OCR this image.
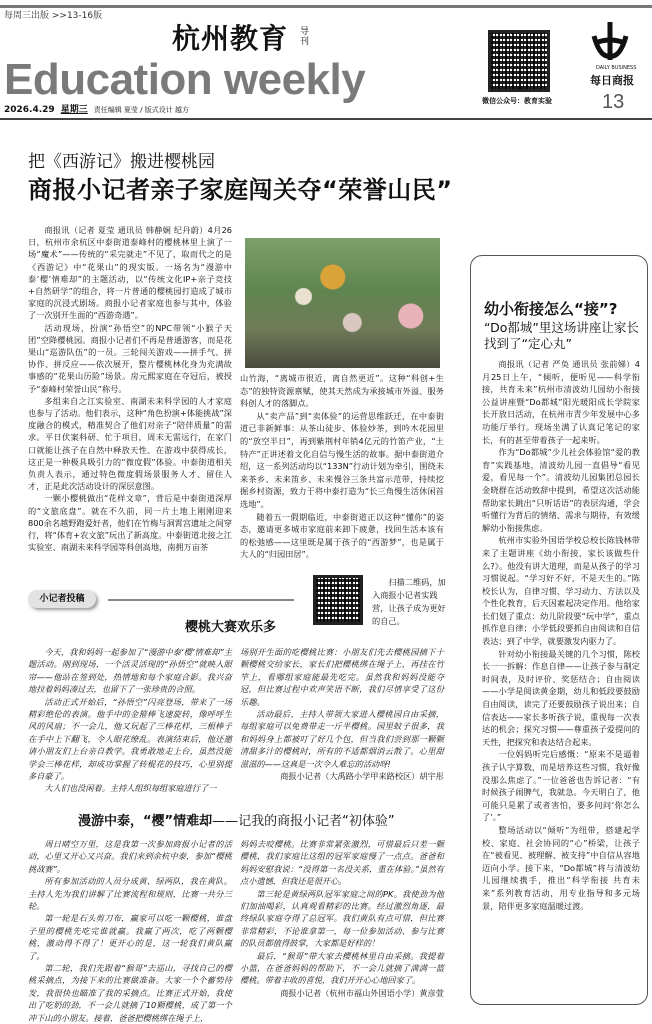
每周三出版 >>13-16版
杭州教育 导刊
Education weekly
2026.4.29 星期三 责任编辑 夏莹 / 版式设计 越方
微信公众号：教育实验
DAILY BUSINESS
每日商报
13
把《西游记》搬进樱桃园
商报小记者亲子家庭闯关夺“荣誉山民”

商报讯（记者 夏莹 通讯员 韩静娴 纪丹蔚）4月26日，杭州市余杭区中泰街道泰峰村的樱桃林里上演了一场“魔术”——传统的“采完就走”不见了，取而代之的是《西游记》中“花果山”的现实版。一场名为“漫游中泰‘樱’情难却”的主题活动，以“传统文化IP+亲子竞技+自然研学”的组合，将一片普通的樱桃园打造成了城市家庭的沉浸式剧场。商报小记者家庭也参与其中，体验了一次别开生面的“西游奇遇”。

活动现场，扮演“孙悟空”的NPC带领“小猴子天团”空降樱桃园。商报小记者们不再是普通游客，而是花果山“巡游队伍”的一员。三轮闯关游戏——拼手气、拼协作、拼反应——依次展开，整片樱桃林化身为充满故事感的“花果山历险”场景。房元熙家庭在夺冠后，被授予“泰峰村荣誉山民”称号。

多组来自之江实验室、南湖未来科学园的人才家庭也参与了活动。他们表示，这种“角色扮演+体能挑战”深度融合的模式，精准契合了他们对亲子“陪伴质量”的需求。平日伏案科研、忙于项目，周末无需远行，在家门口就能让孩子在自然中释放天性、在游戏中获得成长，这正是一种极具吸引力的“微度假”体验。中泰街道相关负责人表示，通过特色微度假场景服务人才、留住人才，正是此次活动设计的深层意图。

一颗小樱桃做出“花样文章”，背后是中泰街道深厚的“文旅底盘”。就在不久前，同一片土地上刚刚迎来800余名越野跑爱好者，他们在竹梅与洞霄宫遗址之间穿行，将“体育+农文旅”玩出了新高度。中泰街道北接之江实验室、南湖未来科学园等科创高地，南拥万亩茶

山竹海，“离城市很近，离自然更近”。这种“科创+生态”的独特资源禀赋，使其天然成为承接城市外溢、服务科创人才的落脚点。

从“卖产品”到“卖体验”的运营思维跃迁，在中泰街道已非新鲜事：从茶山徒步、体验炒茶，到吟木花园里的“放空半日”，再到紫荆村年销4亿元的竹笛产业，“土特产”正讲述着文化自信与慢生活的故事。据中泰街道介绍，这一系列活动均以“133N”行动计划为牵引，围绕未来茶乡、未来笛乡、未来慢谷三条共富示范带，持续挖掘乡村资源，致力于将中泰打造为“长三角慢生活休闲首选地”。

随着五一假期临近，中泰街道正以这种“懂你”的姿态，邀请更多城市家庭前来卸下疲惫，找回生活本该有的松弛感——这里既是属于孩子的“西游梦”，也是属于大人的“归园田居”。

幼小衔接怎么“接”?
“Do都城”里这场讲座让家长找到了“定心丸”

商报讯（记者 严奂 通讯员 张前娣）4月25日上午，“倾听，便听见——科学衔接，共育未来”杭州市清波幼儿园幼小衔接公益讲座暨“Do都城”阳光暖阳成长学院家长开放日活动，在杭州市青少年发展中心多功能厅举行。现场坐满了认真记笔记的家长，有的甚至带着孩子一起来听。

作为“Do都城”少儿社会体验馆“爱的教育”实践基地，清波幼儿园一直倡导“看见爱，看见每一个”。清波幼儿园集团总园长金晓群在活动致辞中提到，希望这次活动能帮助家长跳出“只听话语”的表层沟通，学会听懂行为背后的情绪、需求与期待，有效缓解幼小衔接焦虑。

杭州市实验外国语学校总校长陈钱林带来了主题讲座《幼小衔接，家长该做些什么?》。他没有讲大道理，而是从孩子的学习习惯说起。“学习好不好，不是天生的。”陈校长认为，自律习惯、学习动力、方法以及个性化教育，后天因素起决定作用。他给家长们划了重点：幼儿阶段要“玩中学”，重点抓作息自律；小学低段要抓自由阅读和自信表达；到了中学，就要激发内驱力了。

针对幼小衔接最关键的几个习惯，陈校长一一拆解：作息自律——让孩子参与制定时间表，及时评价、奖惩结合；自由阅读——小学是阅读黄金期，幼儿和低段要鼓励自由阅读，读完了还要鼓励孩子说出来；自信表达——家长多听孩子说，重视每一次表达的机会；探究习惯——尊重孩子爱提问的天性，把探究和表达结合起来。

一位妈妈听完后感慨：“原来不是逼着孩子认字算数，而是培养这些习惯，我好像没那么焦虑了。”一位爸爸也告诉记者：“有时候孩子闹脾气，我就急。今天明白了，他可能只是累了或者害怕，要多问问‘你怎么了’。”

整场活动以“倾听”为纽带，搭建起学校、家庭、社会协同的“心”桥梁，让孩子在“被看见、被理解、被支持”中自信从容地迈向小学。接下来，“Do都城”将与清波幼儿园继续携手，推出“科学衔接 共育未来”系列教育活动，用专业指导和多元场景，陪伴更多家庭温暖过渡。

小记者投稿
扫描二维码，加入商报小记者实践营，让孩子成为更好的自己。
樱桃大赛欢乐多

今天，我和妈妈一起参加了“漫游中泰‘樱’情难却”主题活动。刚到现场，一个活灵活现的“孙悟空”就映入眼帘——他站在签到处，热情地和每个家庭合影。我兴奋地拉着妈妈凑过去，也留下了一张珍贵的合照。

活动正式开始后，“孙悟空”闪亮登场，带来了一场精彩绝伦的表演。他手中的金箍棒飞速旋转，像呼呼生风的风扇；不一会儿，他又玩起了三棒花样，三根棒子在手中上下翻飞，令人眼花缭乱。表演结束后，他还邀请小朋友们上台亲自教学。我勇敢地走上台，虽然没能学会三棒花样，却成功掌握了转棍花的技巧，心里别提多自豪了。

大人们也没闲着。主持人组织每组家庭进行了一

场别开生面的吃樱桃比赛：小朋友们先去樱桃园摘下十颗樱桃交给家长，家长们把樱桃绑在绳子上，再挂在竹竿上，看哪组家庭能最先吃完。虽然我和妈妈没能夺冠，但比赛过程中欢声笑语不断，我们尽情享受了这份乐趣。

活动最后，主持人带领大家进入樱桃园自由采摘，每组家庭可以免费带走一斤半樱桃。园里蚊子很多，我和妈妈身上都被叮了好几个包，但当我们尝到那一颗颗清甜多汁的樱桃时，所有的不适都烟消云散了。心里甜滋滋的——这真是一次令人难忘的活动呀!

商报小记者（大禹路小学甲来路校区）胡宇彤

漫游中泰，“樱”情难却——记我的商报小记者“初体验”

周日晴空万里，这是我第一次参加商报小记者的活动，心里又开心又兴奋。我们来到余杭中泰，参加“樱桃挑战赛”。

所有参加活动的人员分成黄、绿两队，我在黄队。主持人先为我们讲解了比赛流程和规则，比赛一共分三轮。

第一轮是石头剪刀布，赢家可以吃一颗樱桃，谁盘子里的樱桃先吃完谁就赢。我赢了两次，吃了两颗樱桃，激动得不得了！更开心的是，这一轮我们黄队赢了。

第二轮，我们先跟着“猴哥”去巡山，寻找自己的樱桃采摘点，为接下来的比赛做准备。大家一个个蓄势待发，我很快也瞄准了我的采摘点。比赛正式开始，我使出了吃奶的劲，不一会儿就摘了10颗樱桃，成了第一个冲下山的小朋友。接着，爸爸把樱桃绑在绳子上，

妈妈去咬樱桃。比赛非常紧张激烈，可惜最后只差一颗樱桃，我们家庭比这组的冠军家庭慢了一点点。爸爸和妈妈安慰我说：“没得第一名没关系，重在体验。”虽然有点小遗憾，但我还是很开心。

第三轮是黄绿两队冠军家庭之间的PK。我使劲为他们加油喝彩，认真观看精彩的比赛。经过激烈角逐，最终绿队家庭夺得了总冠军。我们黄队有点可惜，但比赛非常精彩，不论谁拿第一，每一位参加活动、参与比赛的队员都值得鼓掌，大家都是好样的！

最后，“猴哥”带大家去樱桃林里自由采摘。我提着小篮，在爸爸妈妈的帮助下，不一会儿就摘了满满一篮樱桃。带着丰收的喜悦，我们开开心心地回家了。

商报小记者（杭州市福山外国语小学）黄彦萱
